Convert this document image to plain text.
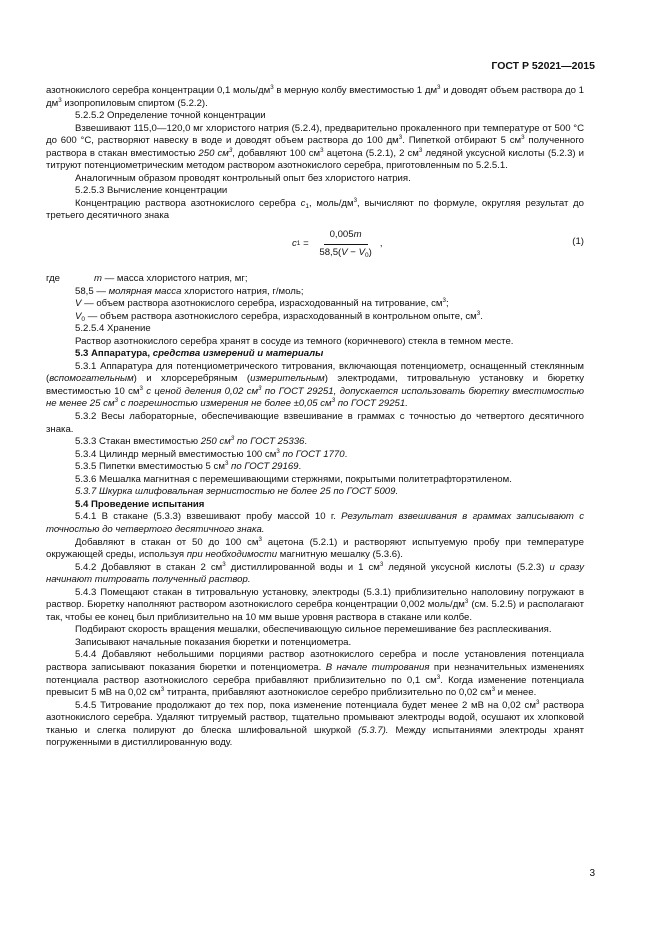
ГОСТ Р 52021—2015

азотнокислого серебра концентрации 0,1 моль/$дм^3$ в мерную колбу вместимостью 1 $дм^3$ и доводят объем раствора до 1 $дм^3$ изопропиловым спиртом (5.2.2).

5.2.5.2 Определение точной концентрации

Взвешивают 115,0—120,0 мг хлористого натрия (5.2.4), предварительно прокаленного при температуре от 500 °С до 600 °С, растворяют навеску в воде и доводят объем раствора до 100 $дм^3$. Пипеткой отбирают 5 $см^3$ полученного раствора в стакан вместимостью 250 $см^3$, добавляют 100 $см^3$ ацетона (5.2.1), 2 $см^3$ ледяной уксусной кислоты (5.2.3) и титруют потенциометрическим методом раствором азотнокислого серебра, приготовленным по 5.2.5.1.

Аналогичным образом проводят контрольный опыт без хлористого натрия.

5.2.5.3 Вычисление концентрации

Концентрацию раствора азотнокислого серебра $с_1$, моль/$дм^3$, вычисляют по формуле, округляя результат до третьего десятичного знака

c $1 = \frac{0,005m}{58,5(V - V_0)}$ ,	(1)
где	m — масса хлористого натрия, мг;

58,5 — молярная масса хлористого натрия, г/моль;

V — объем раствора азотнокислого серебра, израсходованный на титрование, $см^3$;

$V_0$ — объем раствора азотнокислого серебра, израсходованный в контрольном опыте, $см^3$.

5.2.5.4 Хранение

Раствор азотнокислого серебра хранят в сосуде из темного (коричневого) стекла в темном месте.

5.3 Аппаратура, средства измерений и материалы

5.3.1 Аппаратура для потенциометрического титрования, включающая потенциометр, оснащенный стеклянным (вспомогательным) и хлорсеребряным (измерительным) электродами, титровальную установку и бюретку вместимостью 10 $см^3$ с ценой деления 0,02 $см^3$ по ГОСТ 29251, допускается использовать бюретку вместимостью не менее 25 $см^3$ с погрешностью измерения не более ±0,05 $см^3$ по ГОСТ 29251.

5.3.2 Весы лабораторные, обеспечивающие взвешивание в граммах с точностью до четвертого десятичного знака.

5.3.3 Стакан вместимостью 250 $см^3$ по ГОСТ 25336.

5.3.4 Цилиндр мерный вместимостью 100 $см^3$ по ГОСТ 1770.

5.3.5 Пипетки вместимостью 5 $см^3$ по ГОСТ 29169.

5.3.6 Мешалка магнитная с перемешивающими стержнями, покрытыми политетрафторэтиленом.

5.3.7 Шкурка шлифовальная зернистостью не более 25 по ГОСТ 5009.

5.4 Проведение испытания

5.4.1 В стакане (5.3.3) взвешивают пробу массой 10 г. Результат взвешивания в граммах записывают с точностью до четвертого десятичного знака.

Добавляют в стакан от 50 до 100 $см^3$ ацетона (5.2.1) и растворяют испытуемую пробу при температуре окружающей среды, используя при необходимости магнитную мешалку (5.3.6).

5.4.2 Добавляют в стакан 2 $см^3$ дистиллированной воды и 1 $см^3$ ледяной уксусной кислоты (5.2.3) и сразу начинают титровать полученный раствор.

5.4.3 Помещают стакан в титровальную установку, электроды (5.3.1) приблизительно наполовину погружают в раствор. Бюретку наполняют раствором азотнокислого серебра концентрации 0,002 моль/$дм^3$ (см. 5.2.5) и располагают так, чтобы ее конец был приблизительно на 10 мм выше уровня раствора в стакане или колбе.

Подбирают скорость вращения мешалки, обеспечивающую сильное перемешивание без расплескивания.

Записывают начальные показания бюретки и потенциометра.

5.4.4 Добавляют небольшими порциями раствор азотнокислого серебра и после установления потенциала раствора записывают показания бюретки и потенциометра. В начале титрования при незначительных изменениях потенциала раствор азотнокислого серебра прибавляют приблизительно по 0,1 $см^3$. Когда изменение потенциала превысит 5 мВ на 0,02 $см^3$ титранта, прибавляют азотнокислое серебро приблизительно по 0,02 $см^3$ и менее.

5.4.5 Титрование продолжают до тех пор, пока изменение потенциала будет менее 2 мВ на 0,02 $см^3$ раствора азотнокислого серебра. Удаляют титруемый раствор, тщательно промывают электроды водой, осушают их хлопковой тканью и слегка полируют до блеска шлифовальной шкуркой (5.3.7). Между испытаниями электроды хранят погруженными в дистиллированную воду.

3
